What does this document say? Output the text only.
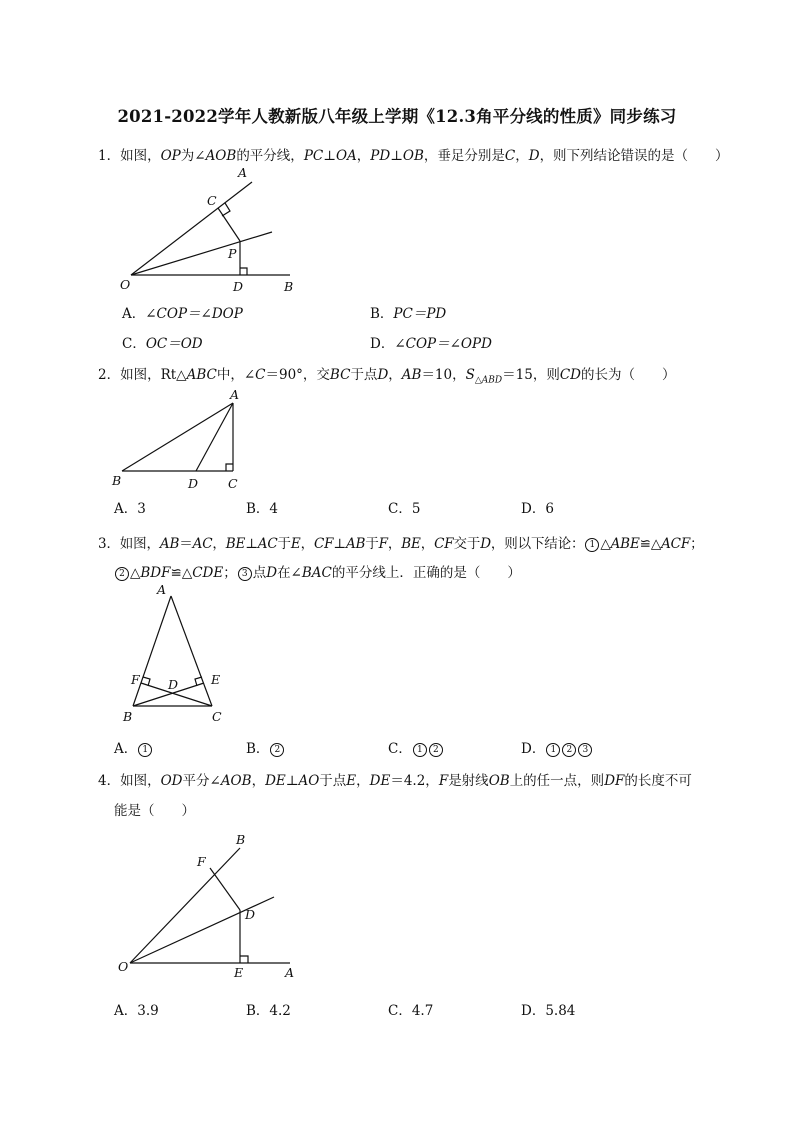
2021-2022学年人教新版八年级上学期《12.3角平分线的性质》同步练习
1．如图，OP为∠AOB的平分线，PC⊥OA，PD⊥OB，垂足分别是C，D，则下列结论错误的是（　　）
A
C
P
O	D	B
A．∠COP＝∠DOP	B．PC＝PD
C．OC＝OD	D．∠COP＝∠OPD
2．如图，Rt△ABC中，∠C＝90°，交BC于点D，AB＝10，$S_{\triangle ABD}=15$，则CD的长为（　　）
A
B	D C
A．3	B．4	C．5	D．6
3．如图，AB＝AC，BE⊥AC于E，CF⊥AB于F，BE，CF交于D，则以下结论： 1 △ABE≌△ACF；
2 △BDF≌△CDE； 3 点D在∠BAC的平分线上．正确的是（　　）
A
F D	E
B	C
A． 1	B． 2	C． 1 2	D． 1 2 3
4．如图，OD平分∠AOB，DE⊥AO于点E，DE＝4.2，F是射线OB上的任一点，则DF的长度不可
能是（　　）
B
F
D
O	E	A
A．3.9	B．4.2	C．4.7	D．5.84
